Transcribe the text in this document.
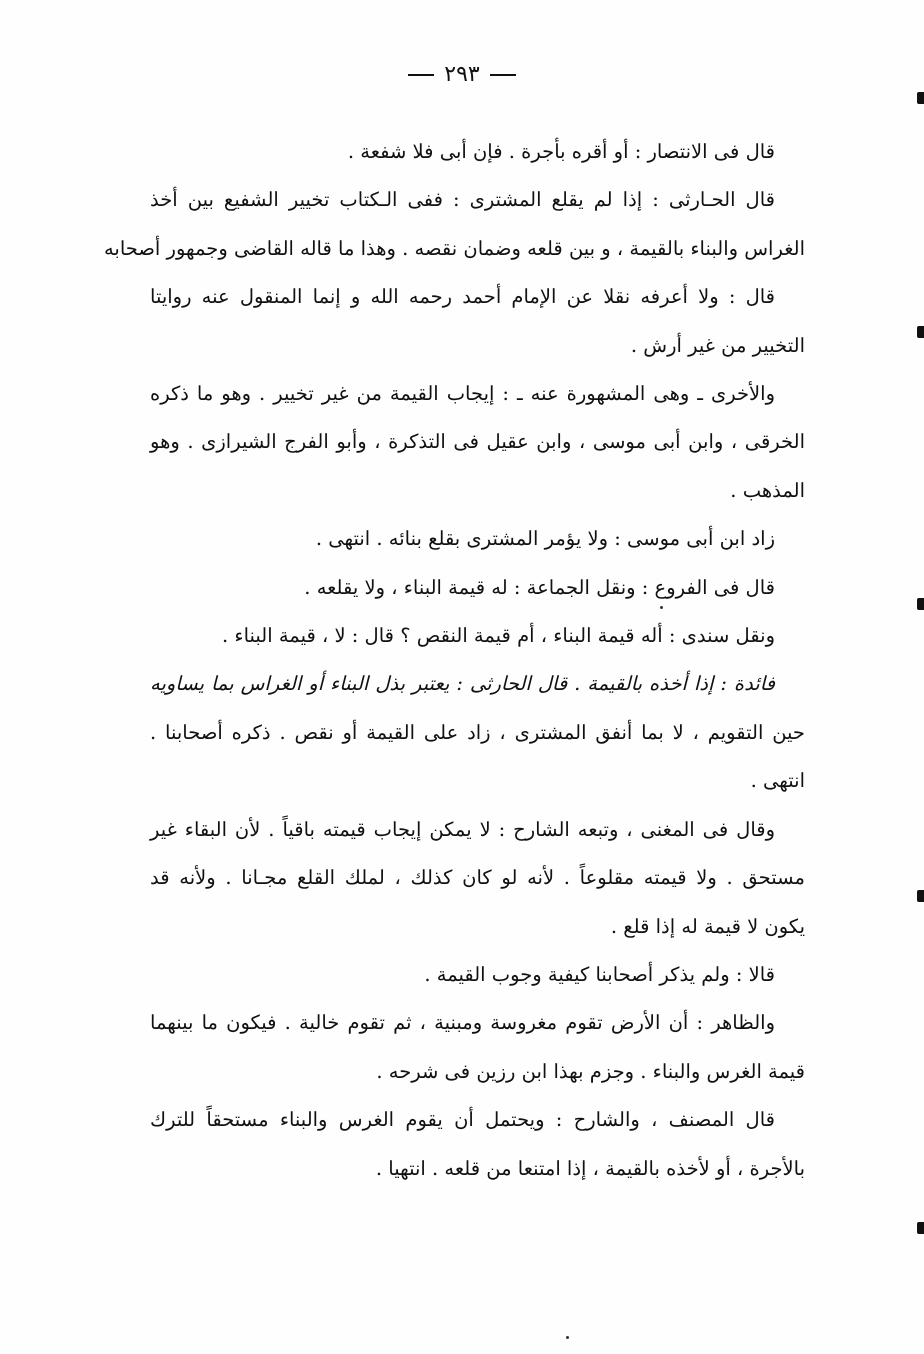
٢٩٣

قال فى الانتصار : أو أقره بأجرة . فإن أبى فلا شفعة .

قال الحـارثى : إذا لم يقلع المشترى : ففى الـكتاب تخيير الشفيع بين أخذ
الغراس والبناء بالقيمة ، و بين قلعه وضمان نقصه . وهذا ما قاله القاضى وجمهور أصحابه

قال : ولا أعرفه نقلا عن الإمام أحمد رحمه الله و إنما المنقول عنه روايتا
التخيير من غير أرش .

والأخرى ـ وهى المشهورة عنه ـ : إيجاب القيمة من غير تخيير . وهو ما ذكره
الخرقى ، وابن أبى موسى ، وابن عقيل فى التذكرة ، وأبو الفرج الشيرازى . وهو
المذهب .

زاد ابن أبى موسى : ولا يؤمر المشترى بقلع بنائه . انتهى .

قال فى الفروع : ونقل الجماعة : له قيمة البناء ، ولا يقلعه .

ونقل سندى : أله قيمة البناء ، أم قيمة النقص ؟ قال : لا ، قيمة البناء .

فائدة : إذا أخذه بالقيمة . قال الحارثى : يعتبر بذل البناء أو الغراس بما يساويه
حين التقويم ، لا بما أنفق المشترى ، زاد على القيمة أو نقص . ذكره أصحابنا .
انتهى .

وقال فى المغنى ، وتبعه الشارح : لا يمكن إيجاب قيمته باقياً . لأن البقاء غير
مستحق . ولا قيمته مقلوعاً . لأنه لو كان كذلك ، لملك القلع مجـانا . ولأنه قد
يكون لا قيمة له إذا قلع .

قالا : ولم يذكر أصحابنا كيفية وجوب القيمة .

والظاهر : أن الأرض تقوم مغروسة ومبنية ، ثم تقوم خالية . فيكون ما بينهما
قيمة الغرس والبناء . وجزم بهذا ابن رزين فى شرحه .

قال المصنف ، والشارح : ويحتمل أن يقوم الغرس والبناء مستحقاً للترك
بالأجرة ، أو لأخذه بالقيمة ، إذا امتنعا من قلعه . انتهيا .
